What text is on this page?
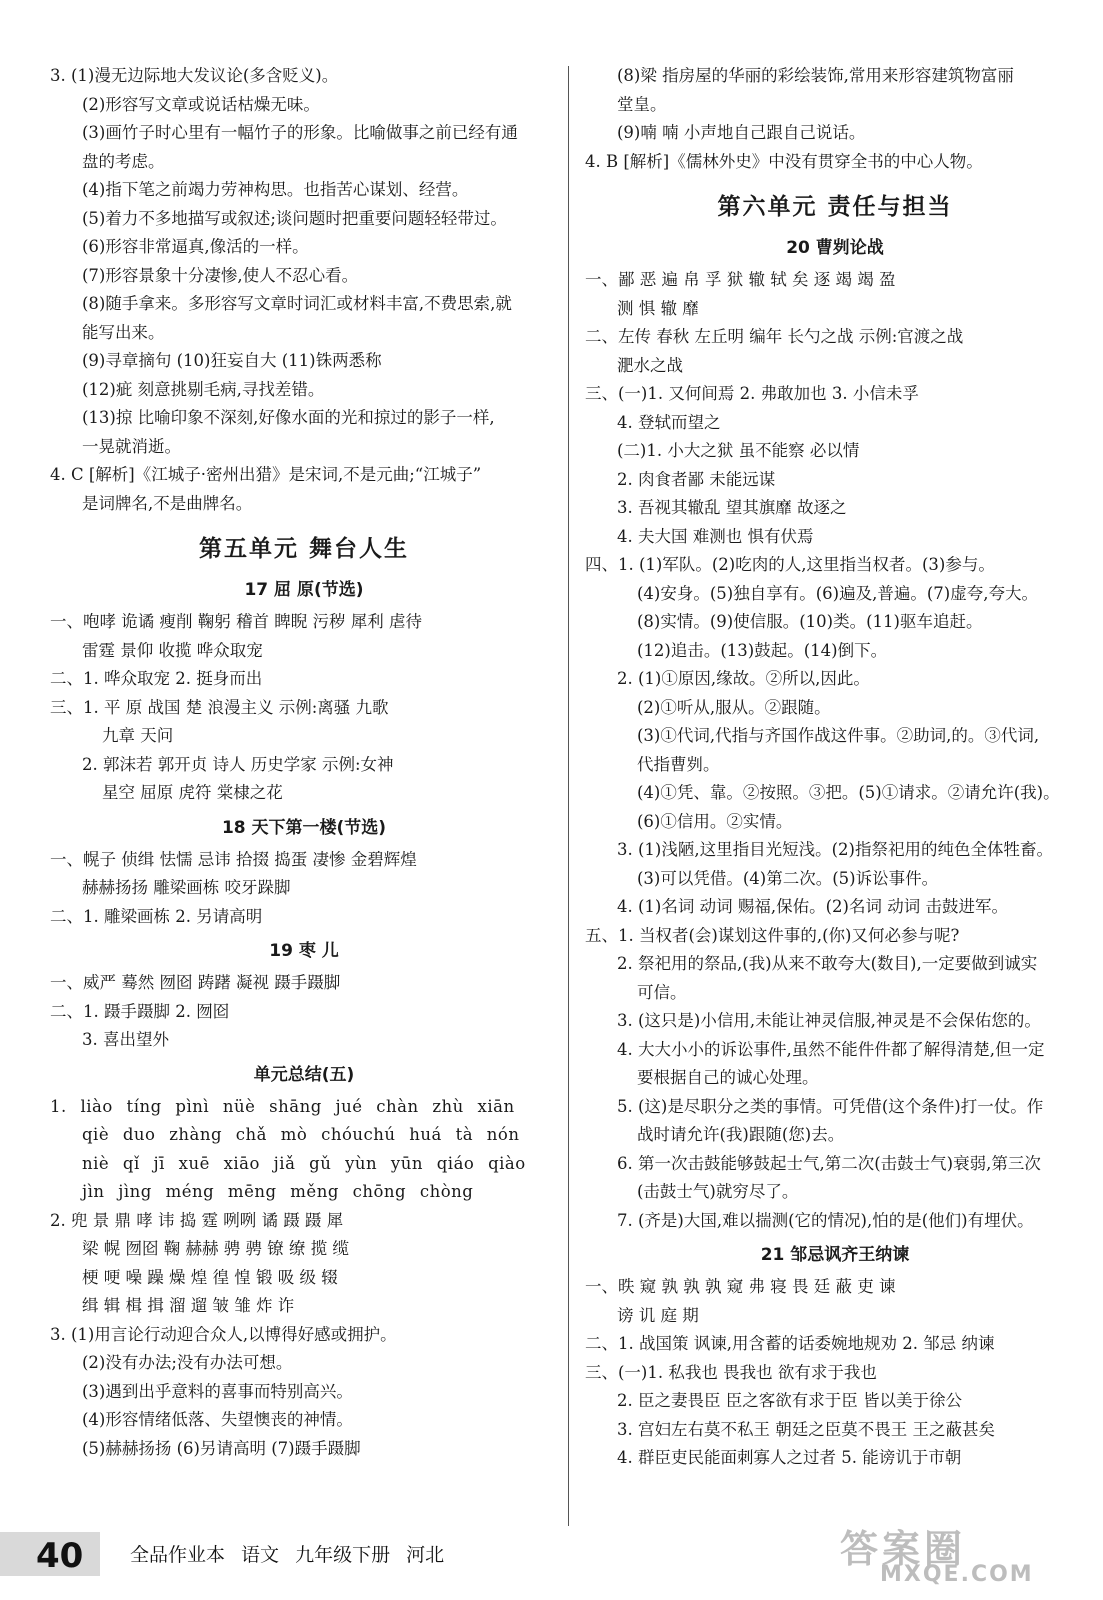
3. (1)漫无边际地大发议论(多含贬义)。
(2)形容写文章或说话枯燥无味。
(3)画竹子时心里有一幅竹子的形象。比喻做事之前已经有通
盘的考虑。
(4)指下笔之前竭力劳神构思。也指苦心谋划、经营。
(5)着力不多地描写或叙述;谈问题时把重要问题轻轻带过。
(6)形容非常逼真,像活的一样。
(7)形容景象十分凄惨,使人不忍心看。
(8)随手拿来。多形容写文章时词汇或材料丰富,不费思索,就
能写出来。
(9)寻章摘句 (10)狂妄自大 (11)铢两悉称
(12)疵 刻意挑剔毛病,寻找差错。
(13)掠 比喻印象不深刻,好像水面的光和掠过的影子一样,
一晃就消逝。
4. C [解析]《江城子·密州出猎》是宋词,不是元曲;“江城子”
是词牌名,不是曲牌名。
第五单元 舞台人生
17 屈 原(节选)
一、咆哮 诡谲 瘦削 鞠躬 稽首 睥睨 污秽 犀利 虐待
雷霆 景仰 收揽 哗众取宠
二、1. 哗众取宠 2. 挺身而出
三、1. 平 原 战国 楚 浪漫主义 示例:离骚 九歌
九章 天问
2. 郭沫若 郭开贞 诗人 历史学家 示例:女神
星空 屈原 虎符 棠棣之花
18 天下第一楼(节选)
一、幌子 侦缉 怯懦 忌讳 拾掇 捣蛋 凄惨 金碧辉煌
赫赫扬扬 雕梁画栋 咬牙跺脚
二、1. 雕梁画栋 2. 另请高明
19 枣 儿
一、威严 蓦然 囫囵 踌躇 凝视 蹑手蹑脚
二、1. 蹑手蹑脚 2. 囫囵
3. 喜出望外
单元总结(五)
1. liào tíng pìnì nüè shāng jué chàn zhù xiān
qiè duo zhàng chǎ mò chóuchú huá tà nón
niè qǐ jī xuē xiāo jiǎ gǔ yùn yūn qiáo qiào
jìn jìng méng mēng měng chōng chòng
2. 兜 景 鼎 哮 讳 捣 霆 咧咧 谲 蹑 蹑 犀
梁 幌 囫囵 鞠 赫赫 骋 骋 镣 缭 揽 缆
梗 哽 噪 躁 燥 煌 徨 惶 锻 吸 级 辍
缉 辑 楫 揖 溜 遛 皱 雏 炸 诈
3. (1)用言论行动迎合众人,以博得好感或拥护。
(2)没有办法;没有办法可想。
(3)遇到出乎意料的喜事而特别高兴。
(4)形容情绪低落、失望懊丧的神情。
(5)赫赫扬扬 (6)另请高明 (7)蹑手蹑脚
(8)梁 指房屋的华丽的彩绘装饰,常用来形容建筑物富丽
堂皇。
(9)喃 喃 小声地自己跟自己说话。
4. B [解析]《儒林外史》中没有贯穿全书的中心人物。
第六单元 责任与担当
20 曹刿论战
一、鄙 恶 遍 帛 孚 狱 辙 轼 矣 逐 竭 竭 盈
测 惧 辙 靡
二、左传 春秋 左丘明 编年 长勺之战 示例:官渡之战
淝水之战
三、(一)1. 又何间焉 2. 弗敢加也 3. 小信未孚
4. 登轼而望之
(二)1. 小大之狱 虽不能察 必以情
2. 肉食者鄙 未能远谋
3. 吾视其辙乱 望其旗靡 故逐之
4. 夫大国 难测也 惧有伏焉
四、1. (1)军队。(2)吃肉的人,这里指当权者。(3)参与。
(4)安身。(5)独自享有。(6)遍及,普遍。(7)虚夸,夸大。
(8)实情。(9)使信服。(10)类。(11)驱车追赶。
(12)追击。(13)鼓起。(14)倒下。
2. (1)①原因,缘故。②所以,因此。
(2)①听从,服从。②跟随。
(3)①代词,代指与齐国作战这件事。②助词,的。③代词,
代指曹刿。
(4)①凭、靠。②按照。③把。(5)①请求。②请允许(我)。
(6)①信用。②实情。
3. (1)浅陋,这里指目光短浅。(2)指祭祀用的纯色全体牲畜。
(3)可以凭借。(4)第二次。(5)诉讼事件。
4. (1)名词 动词 赐福,保佑。(2)名词 动词 击鼓进军。
五、1. 当权者(会)谋划这件事的,(你)又何必参与呢?
2. 祭祀用的祭品,(我)从来不敢夸大(数目),一定要做到诚实
可信。
3. (这只是)小信用,未能让神灵信服,神灵是不会保佑您的。
4. 大大小小的诉讼事件,虽然不能件件都了解得清楚,但一定
要根据自己的诚心处理。
5. (这)是尽职分之类的事情。可凭借(这个条件)打一仗。作
战时请允许(我)跟随(您)去。
6. 第一次击鼓能够鼓起士气,第二次(击鼓士气)衰弱,第三次
(击鼓士气)就穷尽了。
7. (齐是)大国,难以揣测(它的情况),怕的是(他们)有埋伏。
21 邹忌讽齐王纳谏
一、昳 窥 孰 孰 孰 窥 弗 寝 畏 廷 蔽 吏 谏
谤 讥 庭 期
二、1. 战国策 讽谏,用含蓄的话委婉地规劝 2. 邹忌 纳谏
三、(一)1. 私我也 畏我也 欲有求于我也
2. 臣之妻畏臣 臣之客欲有求于臣 皆以美于徐公
3. 宫妇左右莫不私王 朝廷之臣莫不畏王 王之蔽甚矣
4. 群臣吏民能面刺寡人之过者 5. 能谤讥于市朝
40 全品作业本 语文 九年级下册 河北	答案圈
MXQE.COM
